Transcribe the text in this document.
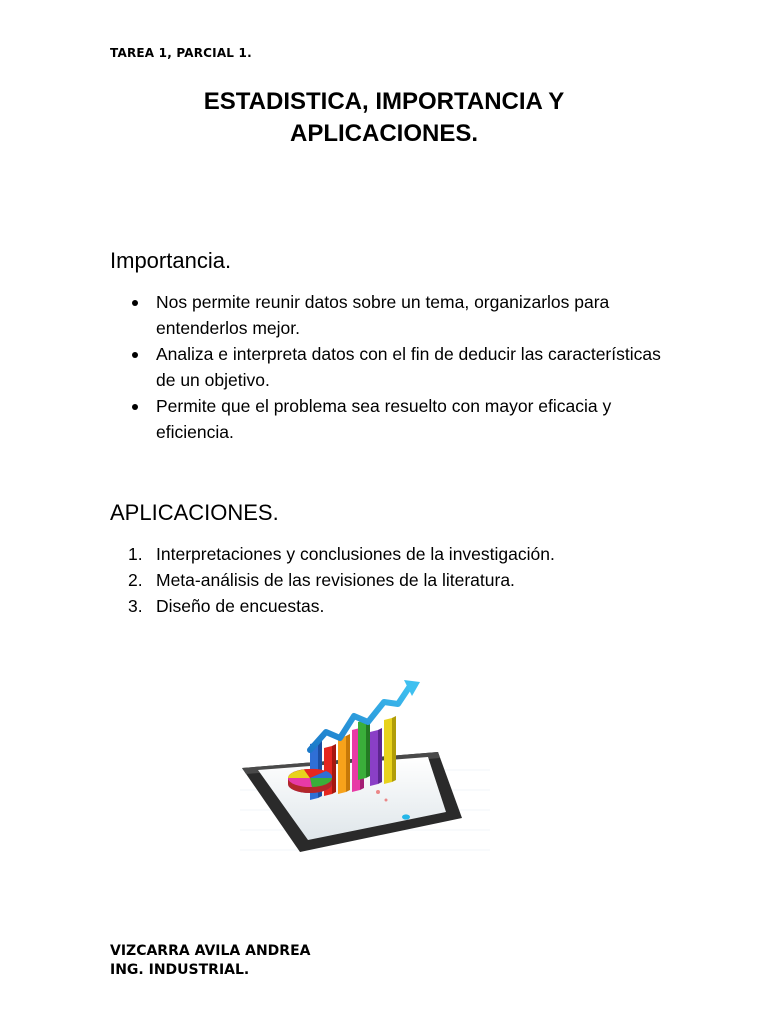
TAREA 1, PARCIAL 1.
ESTADISTICA, IMPORTANCIA Y
APLICACIONES.
Importancia.
Nos permite reunir datos sobre un tema, organizarlos para entenderlos mejor.
Analiza e interpreta datos con el fin de deducir las características de un objetivo.
Permite que el problema sea resuelto con mayor eficacia y eficiencia.
APLICACIONES.
1. Interpretaciones y conclusiones de la investigación.
2. Meta-análisis de las revisiones de la literatura.
3. Diseño de encuestas.
VIZCARRA AVILA ANDREA
ING. INDUSTRIAL.
